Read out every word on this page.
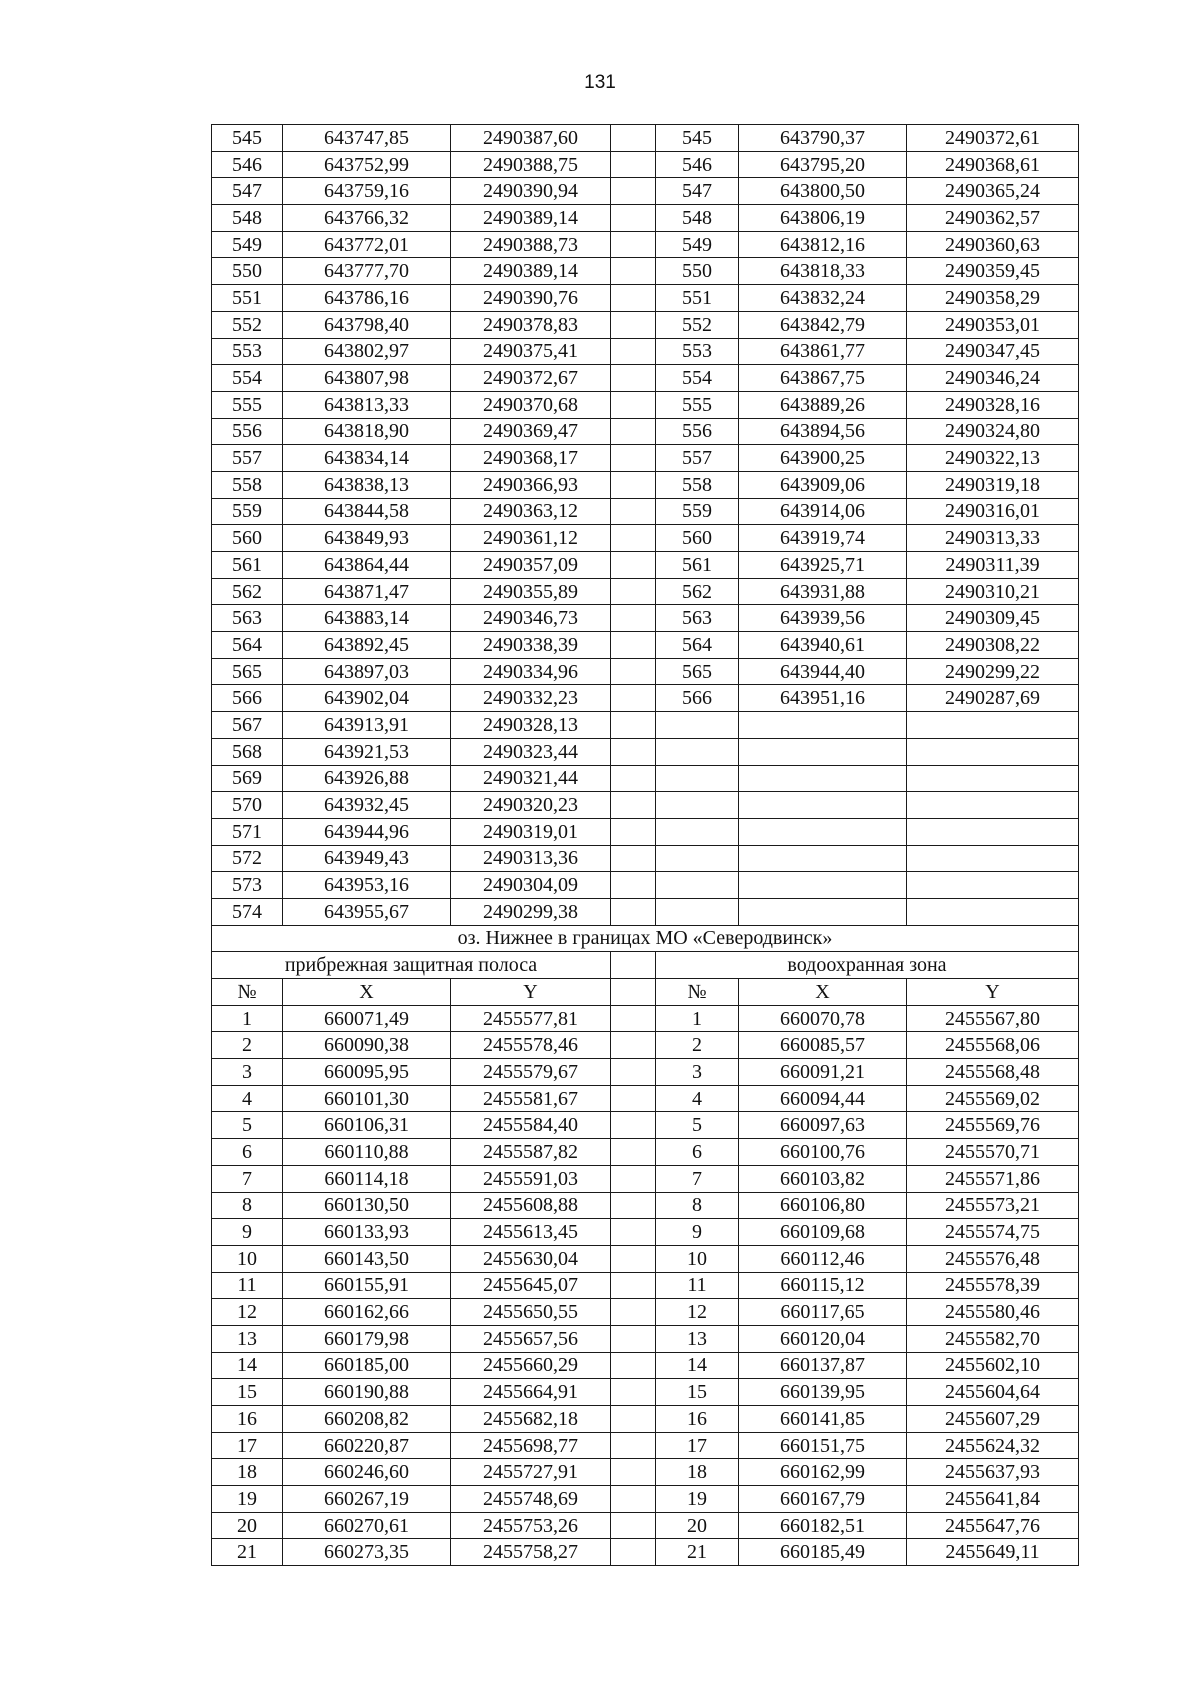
131
545	643747,85	2490387,60		545	643790,37	2490372,61
546	643752,99	2490388,75		546	643795,20	2490368,61
547	643759,16	2490390,94		547	643800,50	2490365,24
548	643766,32	2490389,14		548	643806,19	2490362,57
549	643772,01	2490388,73		549	643812,16	2490360,63
550	643777,70	2490389,14		550	643818,33	2490359,45
551	643786,16	2490390,76		551	643832,24	2490358,29
552	643798,40	2490378,83		552	643842,79	2490353,01
553	643802,97	2490375,41		553	643861,77	2490347,45
554	643807,98	2490372,67		554	643867,75	2490346,24
555	643813,33	2490370,68		555	643889,26	2490328,16
556	643818,90	2490369,47		556	643894,56	2490324,80
557	643834,14	2490368,17		557	643900,25	2490322,13
558	643838,13	2490366,93		558	643909,06	2490319,18
559	643844,58	2490363,12		559	643914,06	2490316,01
560	643849,93	2490361,12		560	643919,74	2490313,33
561	643864,44	2490357,09		561	643925,71	2490311,39
562	643871,47	2490355,89		562	643931,88	2490310,21
563	643883,14	2490346,73		563	643939,56	2490309,45
564	643892,45	2490338,39		564	643940,61	2490308,22
565	643897,03	2490334,96		565	643944,40	2490299,22
566	643902,04	2490332,23		566	643951,16	2490287,69
567	643913,91	2490328,13				
568	643921,53	2490323,44				
569	643926,88	2490321,44				
570	643932,45	2490320,23				
571	643944,96	2490319,01				
572	643949,43	2490313,36				
573	643953,16	2490304,09				
574	643955,67	2490299,38				
оз. Нижнее в границах МО «Северодвинск»						
прибрежная защитная полоса				водоохранная зона		
№	X	Y		№	X	Y
1	660071,49	2455577,81		1	660070,78	2455567,80
2	660090,38	2455578,46		2	660085,57	2455568,06
3	660095,95	2455579,67		3	660091,21	2455568,48
4	660101,30	2455581,67		4	660094,44	2455569,02
5	660106,31	2455584,40		5	660097,63	2455569,76
6	660110,88	2455587,82		6	660100,76	2455570,71
7	660114,18	2455591,03		7	660103,82	2455571,86
8	660130,50	2455608,88		8	660106,80	2455573,21
9	660133,93	2455613,45		9	660109,68	2455574,75
10	660143,50	2455630,04		10	660112,46	2455576,48
11	660155,91	2455645,07		11	660115,12	2455578,39
12	660162,66	2455650,55		12	660117,65	2455580,46
13	660179,98	2455657,56		13	660120,04	2455582,70
14	660185,00	2455660,29		14	660137,87	2455602,10
15	660190,88	2455664,91		15	660139,95	2455604,64
16	660208,82	2455682,18		16	660141,85	2455607,29
17	660220,87	2455698,77		17	660151,75	2455624,32
18	660246,60	2455727,91		18	660162,99	2455637,93
19	660267,19	2455748,69		19	660167,79	2455641,84
20	660270,61	2455753,26		20	660182,51	2455647,76
21	660273,35	2455758,27		21	660185,49	2455649,11
